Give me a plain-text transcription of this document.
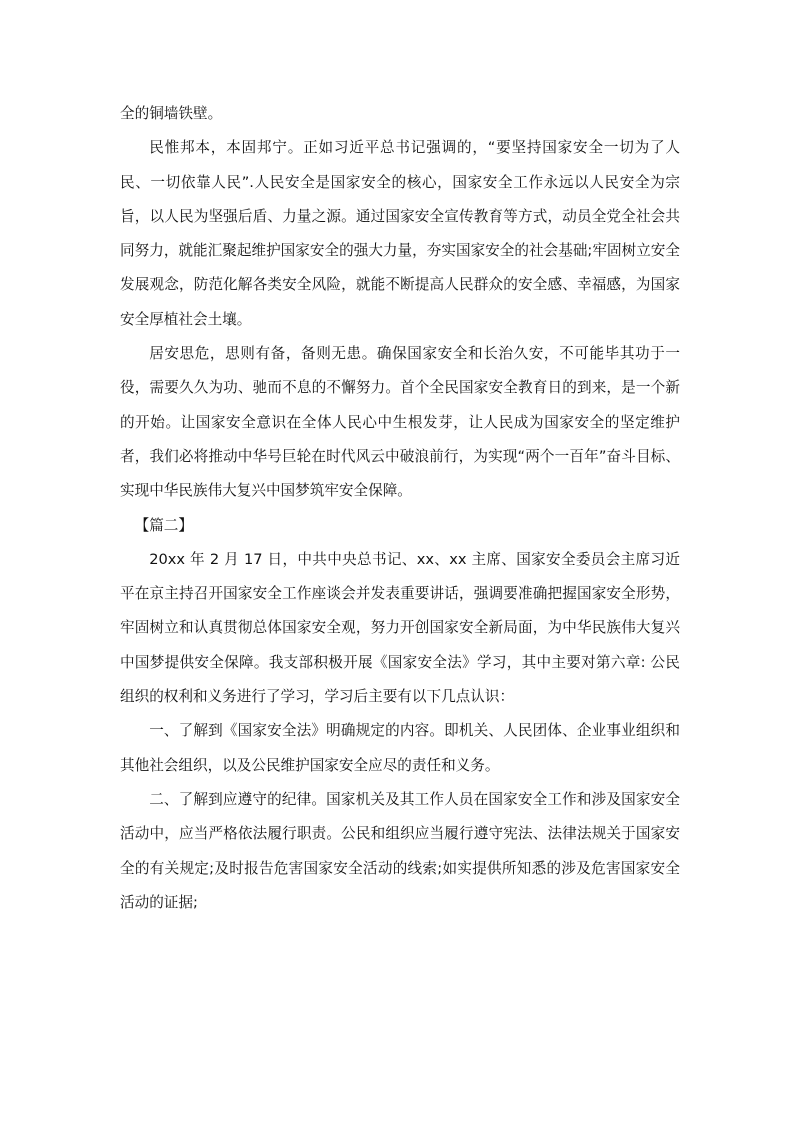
全的铜墙铁壁。

民惟邦本，本固邦宁。正如习近平总书记强调的，“要坚持国家安全一切为了人民、一切依靠人民”.人民安全是国家安全的核心，国家安全工作永远以人民安全为宗旨，以人民为坚强后盾、力量之源。通过国家安全宣传教育等方式，动员全党全社会共同努力，就能汇聚起维护国家安全的强大力量，夯实国家安全的社会基础;牢固树立安全发展观念，防范化解各类安全风险，就能不断提高人民群众的安全感、幸福感，为国家安全厚植社会土壤。

居安思危，思则有备，备则无患。确保国家安全和长治久安，不可能毕其功于一役，需要久久为功、驰而不息的不懈努力。首个全民国家安全教育日的到来，是一个新的开始。让国家安全意识在全体人民心中生根发芽，让人民成为国家安全的坚定维护者，我们必将推动中华号巨轮在时代风云中破浪前行，为实现“两个一百年”奋斗目标、实现中华民族伟大复兴中国梦筑牢安全保障。

【篇二】

20xx 年 2 月 17 日，中共中央总书记、xx、xx 主席、国家安全委员会主席习近平在京主持召开国家安全工作座谈会并发表重要讲话，强调要准确把握国家安全形势，牢固树立和认真贯彻总体国家安全观，努力开创国家安全新局面，为中华民族伟大复兴中国梦提供安全保障。我支部积极开展《国家安全法》学习，其中主要对第六章: 公民组织的权利和义务进行了学习，学习后主要有以下几点认识：

一、了解到《国家安全法》明确规定的内容。即机关、人民团体、企业事业组织和其他社会组织，以及公民维护国家安全应尽的责任和义务。

二、了解到应遵守的纪律。国家机关及其工作人员在国家安全工作和涉及国家安全活动中，应当严格依法履行职责。公民和组织应当履行遵守宪法、法律法规关于国家安全的有关规定;及时报告危害国家安全活动的线索;如实提供所知悉的涉及危害国家安全活动的证据;
